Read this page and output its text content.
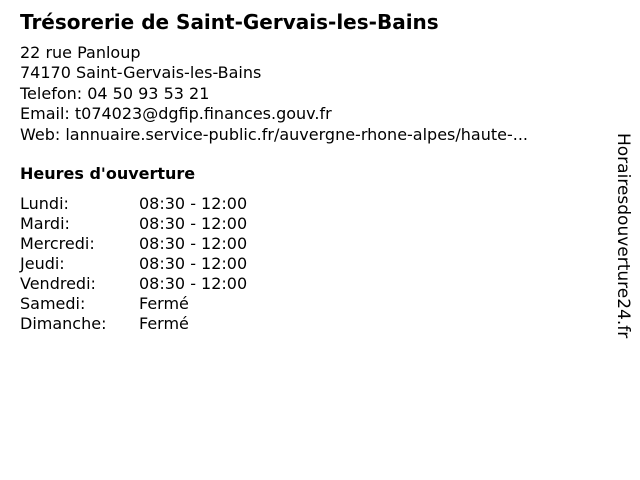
Trésorerie de Saint-Gervais-les-Bains
22 rue Panloup
74170 Saint-Gervais-les-Bains
Telefon: 04 50 93 53 21
Email: t074023@dgfip.finances.gouv.fr
Web: lannuaire.service-public.fr/auvergne-rhone-alpes/haute-...
Heures d'ouverture
Lundi:	08:30 - 12:00
Mardi:	08:30 - 12:00
Mercredi:	08:30 - 12:00
Jeudi:	08:30 - 12:00
Vendredi:	08:30 - 12:00
Samedi:	Fermé
Dimanche:	Fermé	Horairesdouverture24.fr
